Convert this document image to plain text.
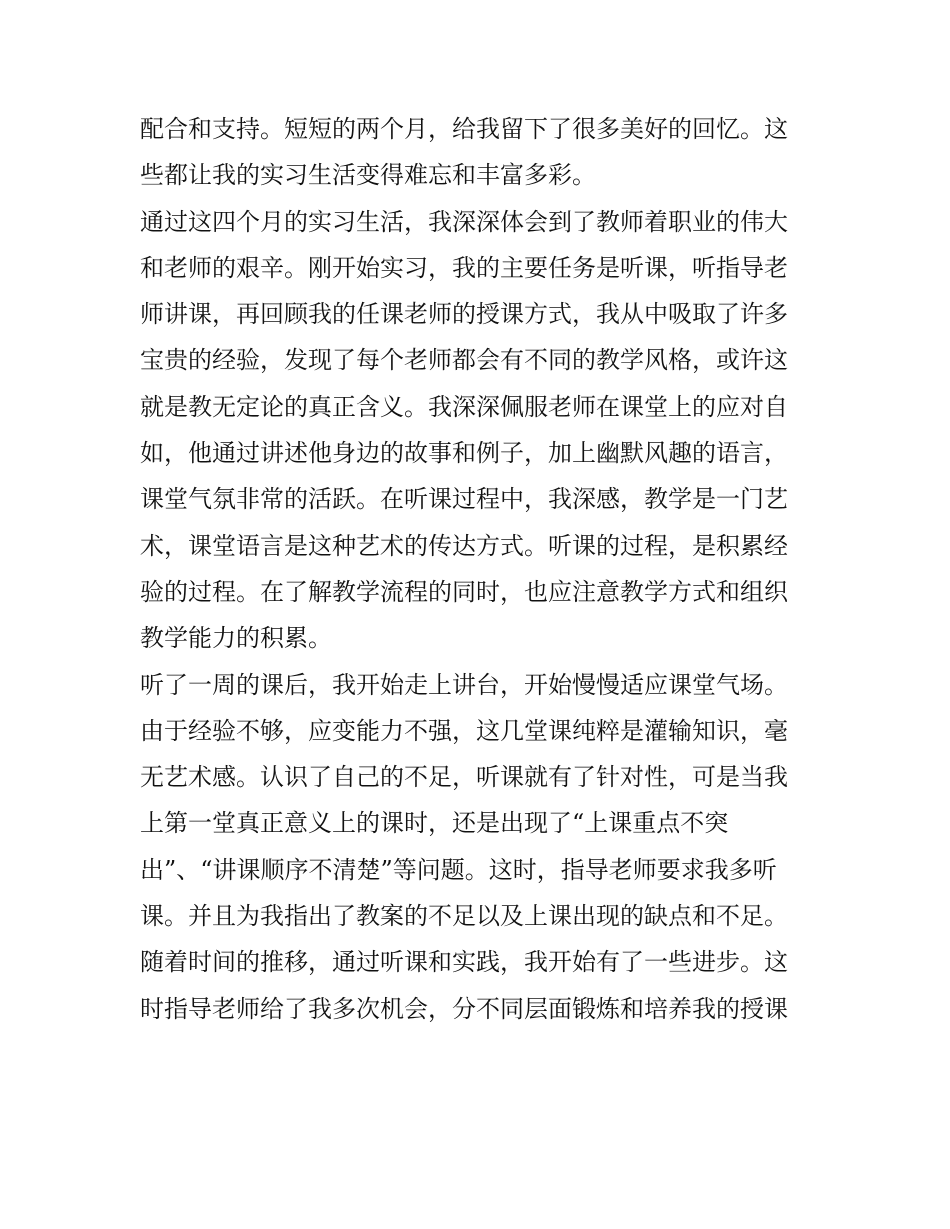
配合和支持。短短的两个月，给我留下了很多美好的回忆。这
些都让我的实习生活变得难忘和丰富多彩。
通过这四个月的实习生活，我深深体会到了教师着职业的伟大
和老师的艰辛。刚开始实习，我的主要任务是听课，听指导老
师讲课，再回顾我的任课老师的授课方式，我从中吸取了许多
宝贵的经验，发现了每个老师都会有不同的教学风格，或许这
就是教无定论的真正含义。我深深佩服老师在课堂上的应对自
如，他通过讲述他身边的故事和例子，加上幽默风趣的语言，
课堂气氛非常的活跃。在听课过程中，我深感，教学是一门艺
术，课堂语言是这种艺术的传达方式。听课的过程，是积累经
验的过程。在了解教学流程的同时，也应注意教学方式和组织
教学能力的积累。
听了一周的课后，我开始走上讲台，开始慢慢适应课堂气场。
由于经验不够，应变能力不强，这几堂课纯粹是灌输知识，毫
无艺术感。认识了自己的不足，听课就有了针对性，可是当我
上第一堂真正意义上的课时，还是出现了“上课重点不突
出”、“讲课顺序不清楚”等问题。这时，指导老师要求我多听
课。并且为我指出了教案的不足以及上课出现的缺点和不足。
随着时间的推移，通过听课和实践，我开始有了一些进步。这
时指导老师给了我多次机会，分不同层面锻炼和培养我的授课
